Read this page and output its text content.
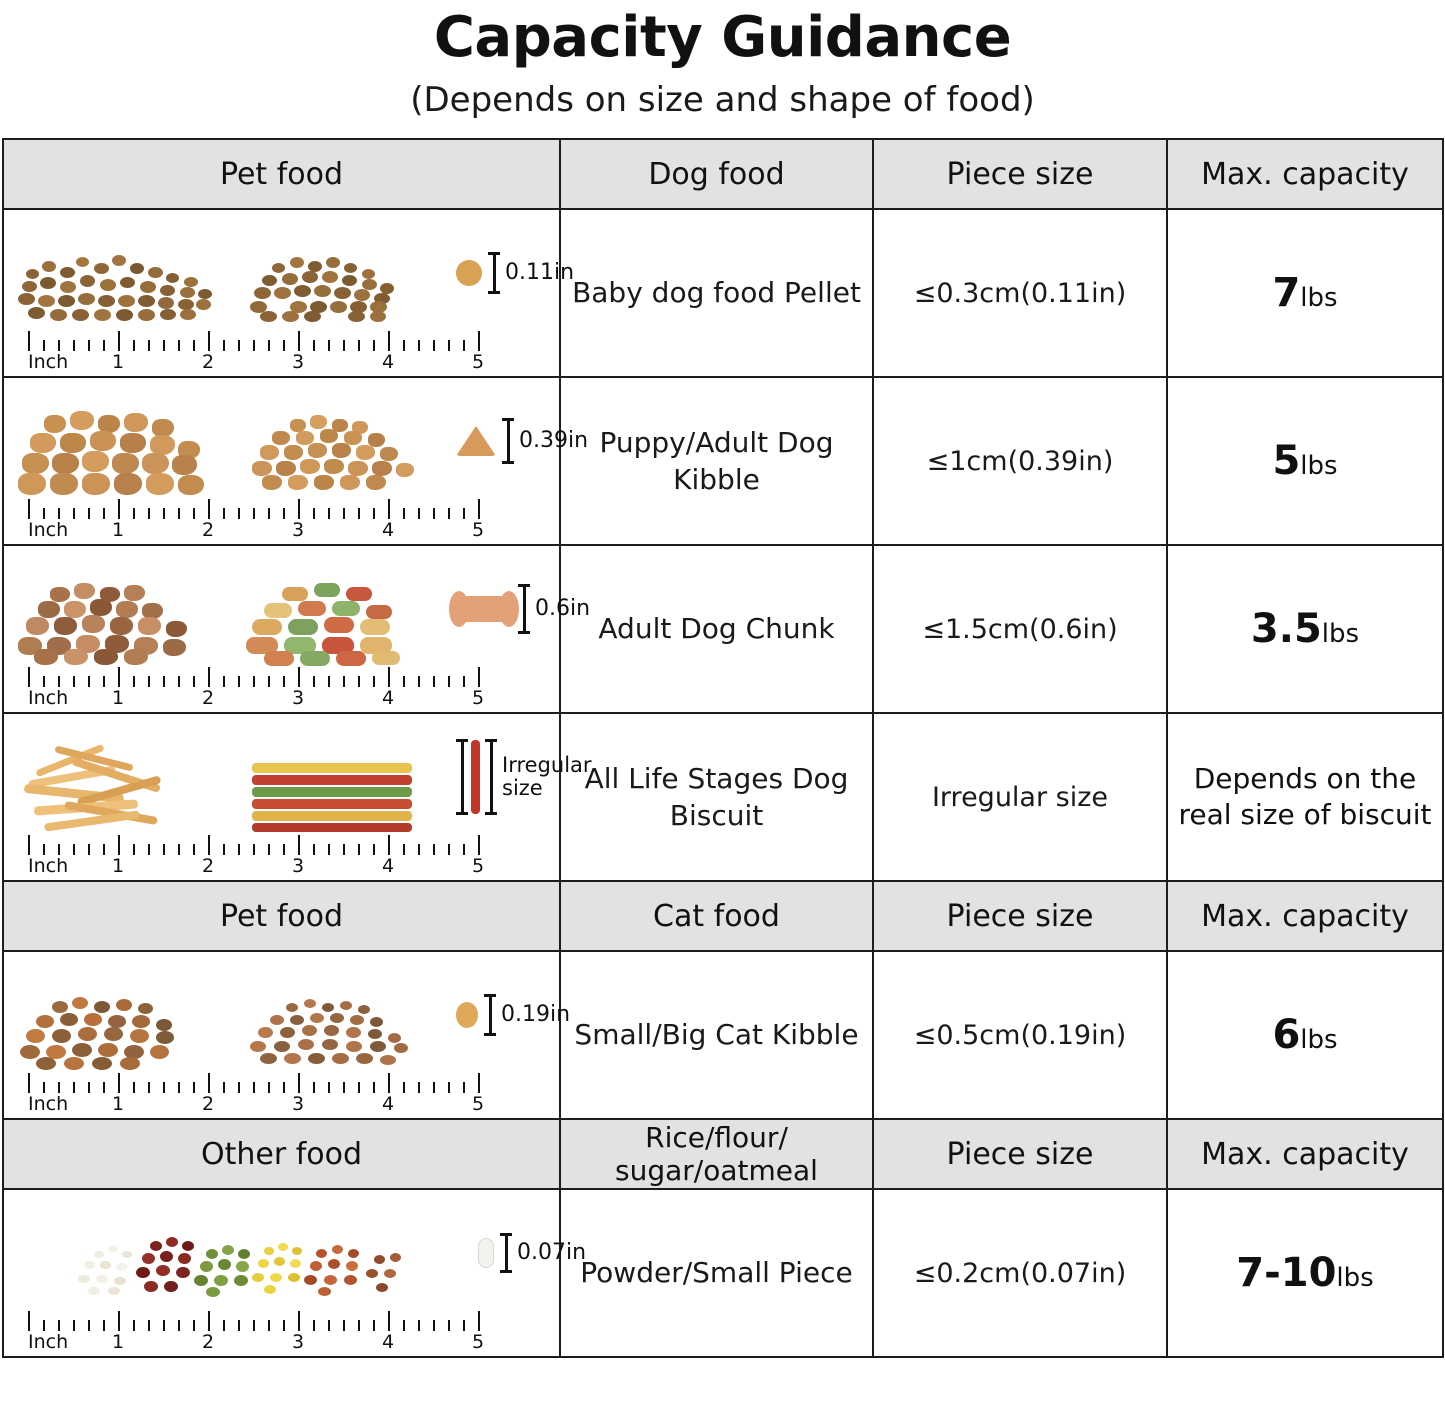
Capacity Guidance
(Depends on size and shape of food)
Pet food	Dog food	Piece size	Max. capacity

0.11in
Inch 1	2	3	4	5
	Baby dog food Pellet	≤0.3cm(0.11in)	7lbs

0.39in
Inch 1	2	3	4	5
	Puppy/Adult Dog Kibble	≤1cm(0.39in)	5lbs

0.6in
Inch 1	2	3	4	5
	Adult Dog Chunk	≤1.5cm(0.6in)	3.5lbs

Irregular
size
Inch 1	2	3	4	5
	All Life Stages Dog Biscuit	Irregular size	Depends on the real size of biscuit
Pet food	Cat food	Piece size	Max. capacity

0.19in
Inch 1	2	3	4	5
	Small/Big Cat Kibble	≤0.5cm(0.19in)	6lbs
Other food	Rice/flour/
sugar/oatmeal	Piece size	Max. capacity

0.07in
Inch 1	2	3	4	5
	Powder/Small Piece	≤0.2cm(0.07in)	7-10lbs
